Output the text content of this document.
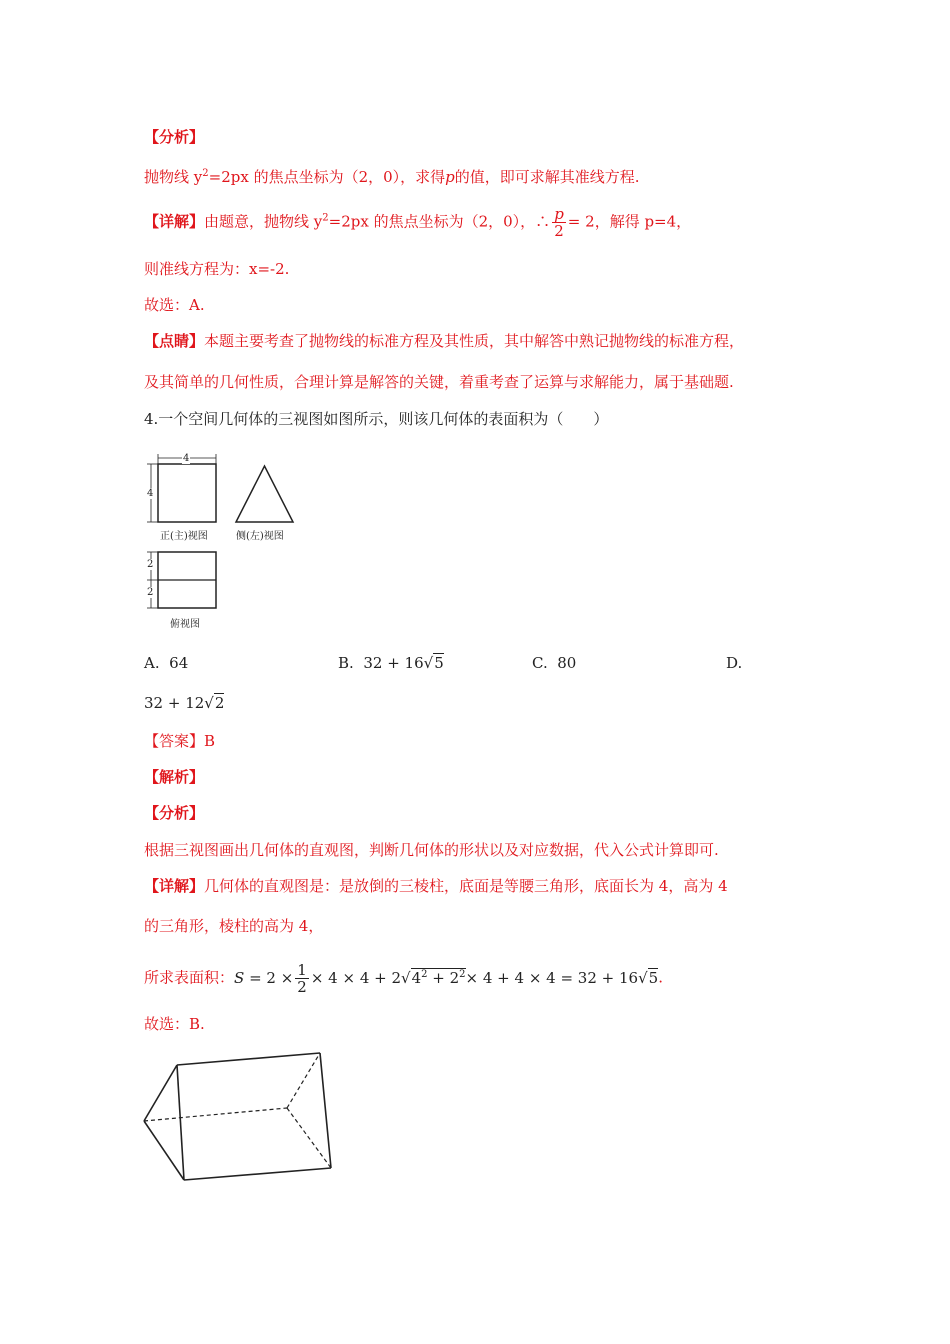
【分析】
抛物线 $y^2=2px$ 的焦点坐标为（2，0），求得p的值，即可求解其准线方程.
【详解】由题意，抛物线 $y^2=2px$ 的焦点坐标为（2，0），∴ $\frac{p}{2} = 2$，解得 p=4，
则准线方程为：x=-2.
故选：A.
【点睛】本题主要考查了抛物线的标准方程及其性质，其中解答中熟记抛物线的标准方程，
及其简单的几何性质，合理计算是解答的关键，着重考查了运算与求解能力，属于基础题.
4.一个空间几何体的三视图如图所示，则该几何体的表面积为（　　）
4
4
正(主)视图	侧(左)视图
2
2
俯视图
A. 64	B. 32 + 16√5	C. 80	D.
32 + 12√2
【答案】B
【解析】
【分析】
根据三视图画出几何体的直观图，判断几何体的形状以及对应数据，代入公式计算即可.
【详解】几何体的直观图是：是放倒的三棱柱，底面是等腰三角形，底面长为 4，高为 4
的三角形，棱柱的高为 4，
所求表面积：$S = 2 \times \frac{1}{2} \times 4 \times 4 + 2√4^2 + 2^2\times 4 + 4 \times 4 = 32 + 16√5$.
故选：B.
